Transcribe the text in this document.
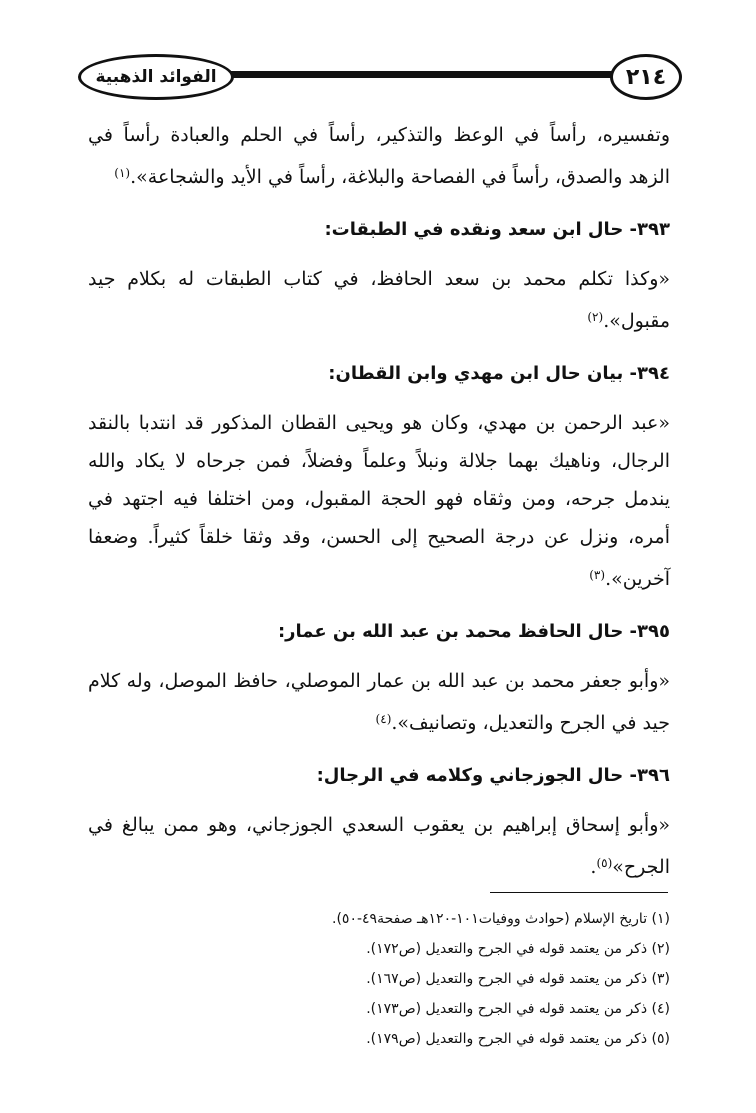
الفوائد الذهبية	٢١٤

وتفسيره، رأساً في الوعظ والتذكير، رأساً في الحلم والعبادة رأساً في الزهد والصدق، رأساً في الفصاحة والبلاغة، رأساً في الأيد والشجاعة».$^{(١)}$

٣٩٣- حال ابن سعد ونقده في الطبقات:

«وكذا تكلم محمد بن سعد الحافظ، في كتاب الطبقات له بكلام جيد مقبول».$^{(٢)}$

٣٩٤- بيان حال ابن مهدي وابن القطان:

«عبد الرحمن بن مهدي، وكان هو ويحيى القطان المذكور قد انتدبا بالنقد الرجال، وناهيك بهما جلالة ونبلاً وعلماً وفضلاً، فمن جرحاه لا يكاد والله يندمل جرحه، ومن وثقاه فهو الحجة المقبول، ومن اختلفا فيه اجتهد في أمره، ونزل عن درجة الصحيح إلى الحسن، وقد وثقا خلقاً كثيراً. وضعفا آخرين».$^{(٣)}$

٣٩٥- حال الحافظ محمد بن عبد الله بن عمار:

«وأبو جعفر محمد بن عبد الله بن عمار الموصلي، حافظ الموصل، وله كلام جيد في الجرح والتعديل، وتصانيف».$^{(٤)}$

٣٩٦- حال الجوزجاني وكلامه في الرجال:

«وأبو إسحاق إبراهيم بن يعقوب السعدي الجوزجاني، وهو ممن يبالغ في الجرح»$^{(٥)}$.

(١) تاريخ الإسلام (حوادث ووفيات١٠١-١٢٠هـ صفحة٤٩-٥٠).
(٢) ذكر من يعتمد قوله في الجرح والتعديل (ص١٧٢).
(٣) ذكر من يعتمد قوله في الجرح والتعديل (ص١٦٧).
(٤) ذكر من يعتمد قوله في الجرح والتعديل (ص١٧٣).
(٥) ذكر من يعتمد قوله في الجرح والتعديل (ص١٧٩).
